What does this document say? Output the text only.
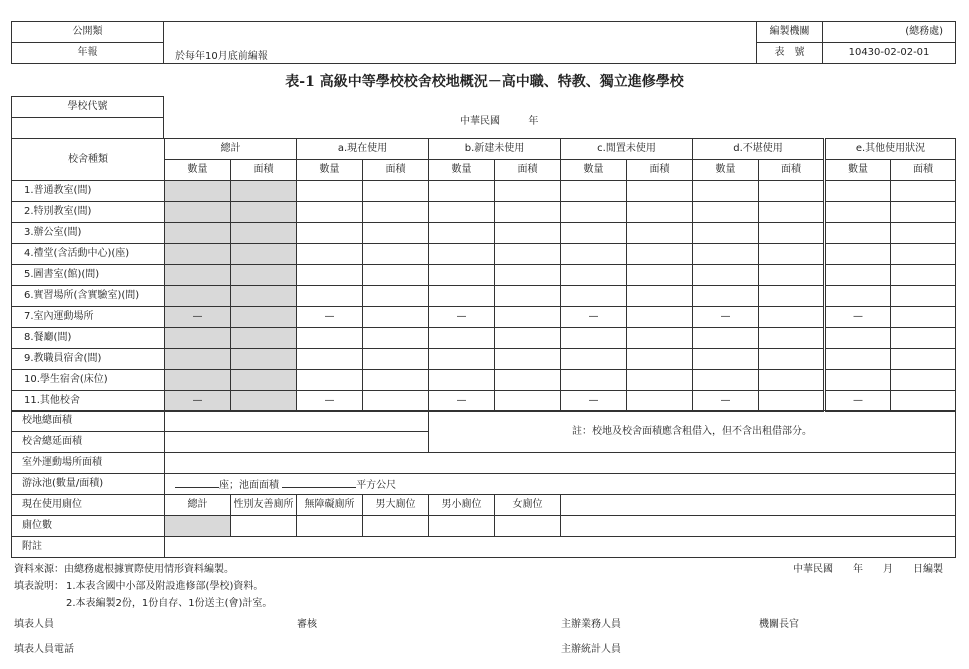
公開類
年報	於每年10月底前編報
編製機關	(總務處)
表　號	10430-02-02-01
表-1 高級中等學校校舍校地概況－高中職、特教、獨立進修學校
學校代號

中華民國	年
校舍種類	總計		a.現在使用		b.新建未使用		c.閒置未使用		d.不堪使用		e.其他使用狀況	
	數量	面積	數量	面積	數量	面積	數量	面積	數量	面積	數量	面積
1.普通教室(間)												
2.特別教室(間)												
3.辦公室(間)												
4.禮堂(含活動中心)(座)												
5.圖書室(館)(間)												
6.實習場所(含實驗室)(間)												
7.室內運動場所	—		—		—		—		—		—	
8.餐廳(間)												
9.教職員宿舍(間)												
10.學生宿舍(床位)												
11.其他校舍	—		—		—		—		—		—	
校地總面積		註：校地及校舍面積應含租借入，但不含出租借部分。
校舍總延面積		
室外運動場所面積		
游泳池(數量/面積)	座；池面面積 平方公尺	
現在使用廁位	總計	性別友善廁所	無障礙廁所	男大廁位	男小廁位	女廁位	
廁位數							
附註							
資料來源：由總務處根據實際使用情形資料編製。	中華民國　　年　　月　　日編製
填表說明： 1.本表含國中小部及附設進修部(學校)資料。
2.本表編製2份，1份自存、1份送主(會)計室。
填表人員	審核	主辦業務人員	機關長官
填表人員電話	主辦統計人員
